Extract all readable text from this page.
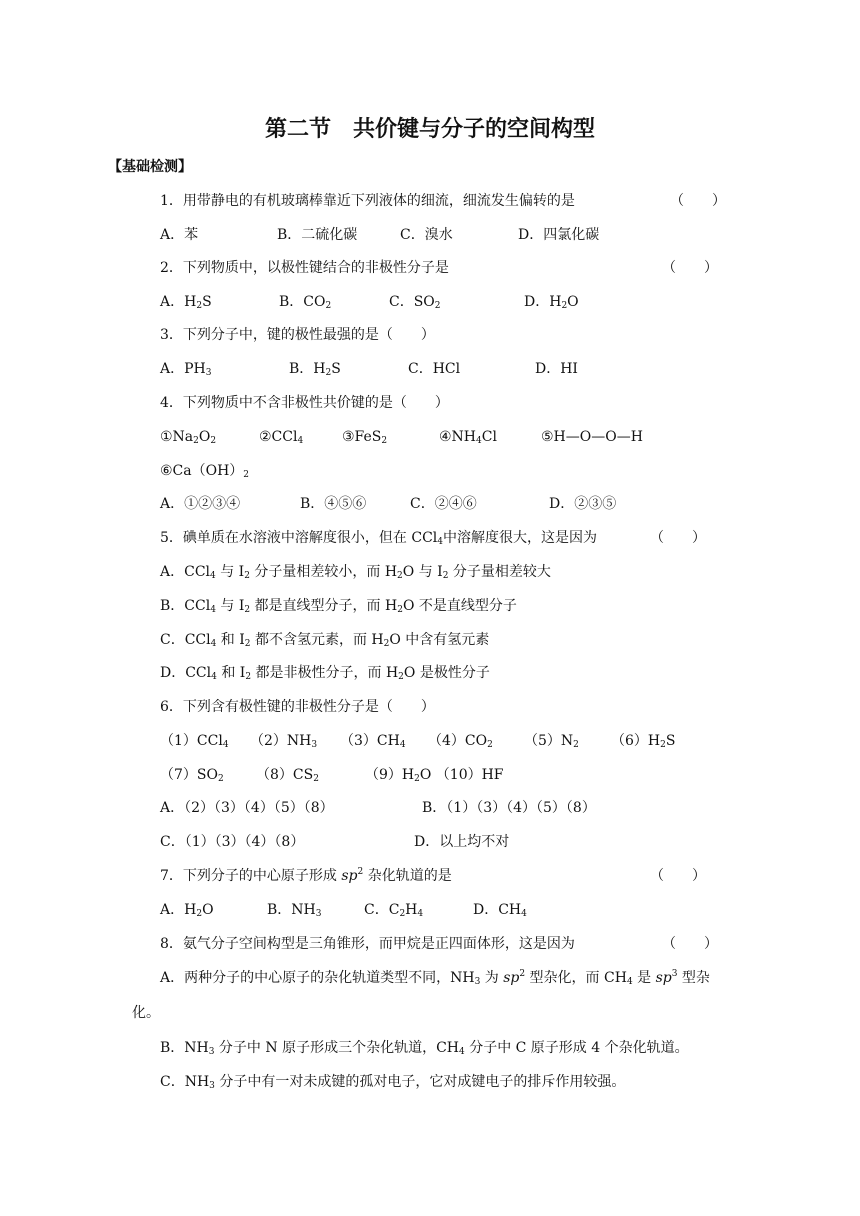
第二节 共价键与分子的空间构型
【基础检测】
1．用带静电的有机玻璃棒靠近下列液体的细流，细流发生偏转的是	（　　）
A．苯	B．二硫化碳	C．溴水	D．四氯化碳
2．下列物质中，以极性键结合的非极性分子是	（　　）
A．$H_2S$	B．$CO_2$	C．$SO_2$	D．$H_2O$
3．下列分子中，键的极性最强的是（　　）
A．$PH_3$	B．$H_2S$	C．HCl	D．HI
4．下列物质中不含非极性共价键的是（　　）
$①Na_2O_2$	②CCl$_4$	③FeS$_2$	$④NH_4Cl$	⑤H—O—O—H
$⑥Ca(OH)_2$
A．①②③④	B．④⑤⑥	C．②④⑥	D．②③⑤
5．碘单质在水溶液中溶解度很小，但在 CCl$_4$中溶解度很大，这是因为	（　　）
A．CCl$_4$ 与 $I_2$ 分子量相差较小，而 $H_2O$ 与 $I_2$ 分子量相差较大
B．CCl$_4$ 与 $I_2$ 都是直线型分子，而 $H_2O$ 不是直线型分子
C．CCl$_4$ 和 $I_2$ 都不含氢元素，而 $H_2O$ 中含有氢元素
D．CCl$_4$ 和 $I_2$ 都是非极性分子，而 $H_2O$ 是极性分子
6．下列含有极性键的非极性分子是（　　）
（1）CCl$_4$ $(2)NH_3$ $(3)CH_4$ $(4)CO_2$ $(5)N_2$ $(6)H_2S$
$(7)SO_2$ $(8)CS_2$	$(9)H_2O$ （10）HF
A．（2）（3）（4）（5）（8）	B．（1）（3）（4）（5）（8）
C．（1）（3）（4）（8）	D．以上均不对
7．下列分子的中心原子形成 $sp^2$ 杂化轨道的是	（　　）
A．$H_2O$	B．$NH_3$	C．$C_2H_4$	D．$CH_4$
8．氨气分子空间构型是三角锥形，而甲烷是正四面体形，这是因为	（　　）
A．两种分子的中心原子的杂化轨道类型不同，$NH_3$ 为 $sp^2$ 型杂化，而 $CH_4$ 是 $sp^3$ 型杂
化。
B．$NH_3$ 分子中 N 原子形成三个杂化轨道，$CH_4$ 分子中 C 原子形成 4 个杂化轨道。
C．$NH_3$ 分子中有一对未成键的孤对电子，它对成键电子的排斥作用较强。
